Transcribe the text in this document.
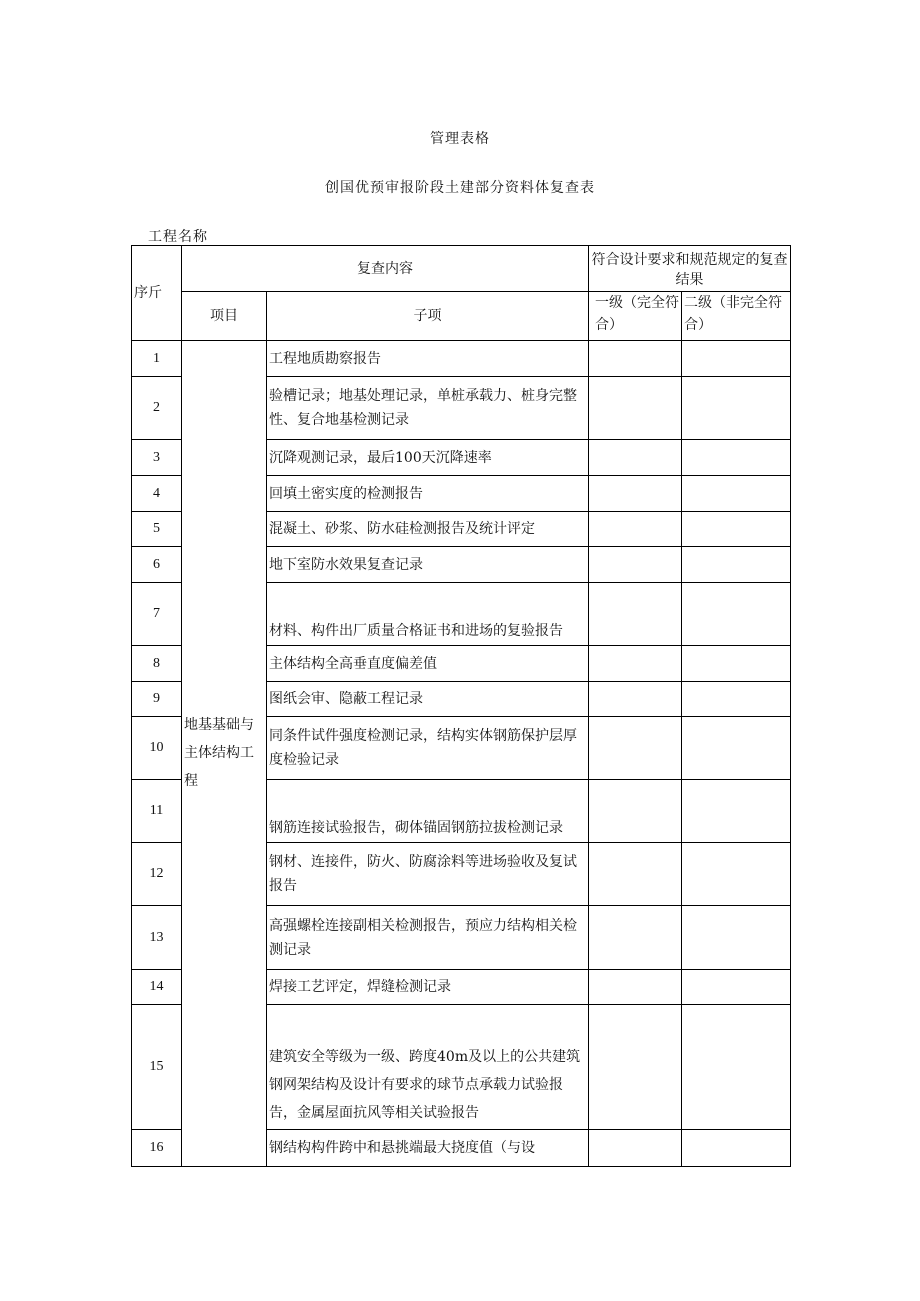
管理表格
创国优预审报阶段土建部分资料体复查表
工程名称
序斤	复查内容		符合设计要求和规范规定的复查结果	
	项目	子项	一级（完全符合）	二级（非完全符合）
1	地基基础与主体结构工程	工程地质勘察报告		
2		验槽记录；地基处理记录，单桩承载力、桩身完整性、复合地基检测记录		
3		沉降观测记录，最后100天沉降速率		
4		回填土密实度的检测报告		
5		混凝土、砂浆、防水硅检测报告及统计评定		
6		地下室防水效果复查记录		
7		材料、构件出厂质量合格证书和进场的复验报告		
8		主体结构全高垂直度偏差值		
9		图纸会审、隐蔽工程记录		
10		同条件试件强度检测记录，结构实体钢筋保护层厚度检验记录		
11		钢筋连接试验报告，砌体锚固钢筋拉拔检测记录		
12		钢材、连接件，防火、防腐涂料等进场验收及复试报告		
13		高强螺栓连接副相关检测报告，预应力结构相关检测记录		
14		焊接工艺评定，焊缝检测记录		
15		建筑安全等级为一级、跨度40m及以上的公共建筑钢网架结构及设计有要求的球节点承载力试验报告，金属屋面抗风等相关试验报告		
16		钢结构构件跨中和悬挑端最大挠度值（与设		
